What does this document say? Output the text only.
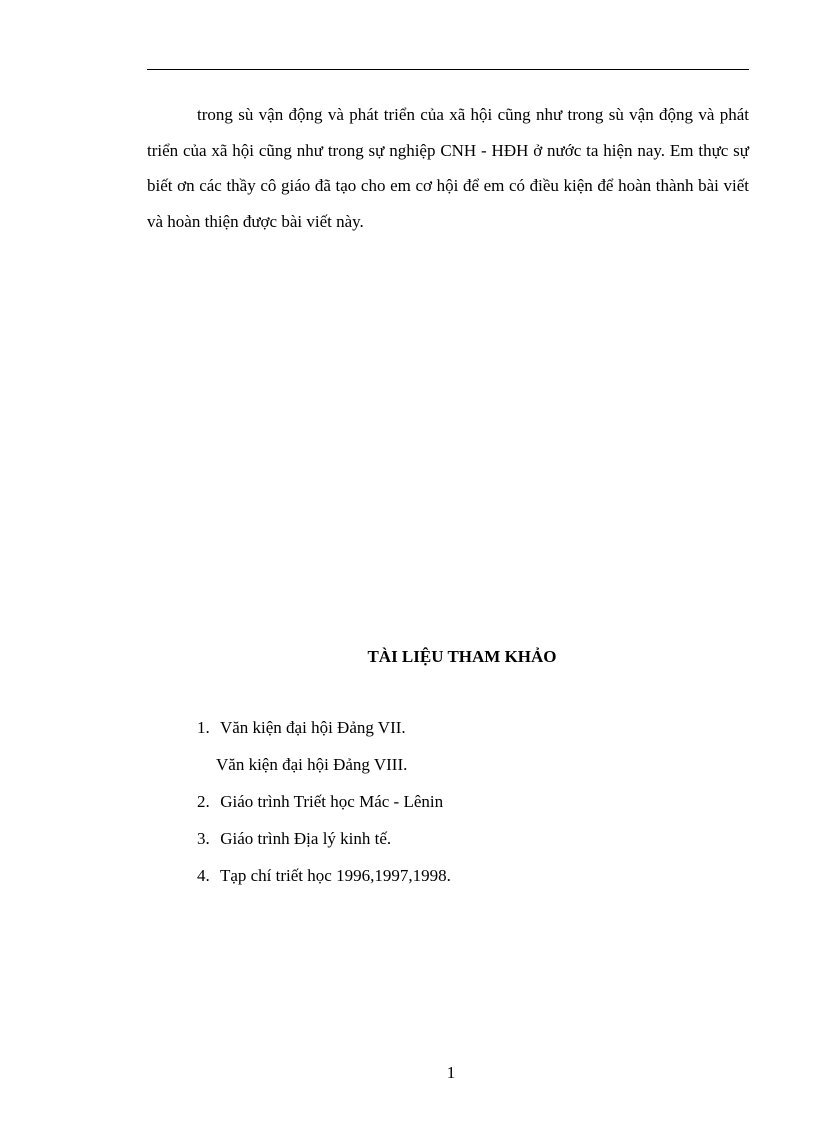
trong sù vận động và phát triển của xã hội cũng như trong sù vận động và phát triển của xã hội cũng như trong sự nghiệp CNH - HĐH ở nước ta hiện nay. Em thực sự biết ơn các thầy cô giáo đã tạo cho em cơ hội để em có điều kiện để hoàn thành bài viết và hoàn thiện được bài viết này.

TÀI LIỆU THAM KHẢO
1. Văn kiện đại hội Đảng VII.
Văn kiện đại hội Đảng VIII.
2. Giáo trình Triết học Mác - Lênin
3. Giáo trình Địa lý kinh tế.
4. Tạp chí triết học 1996,1997,1998.
1
